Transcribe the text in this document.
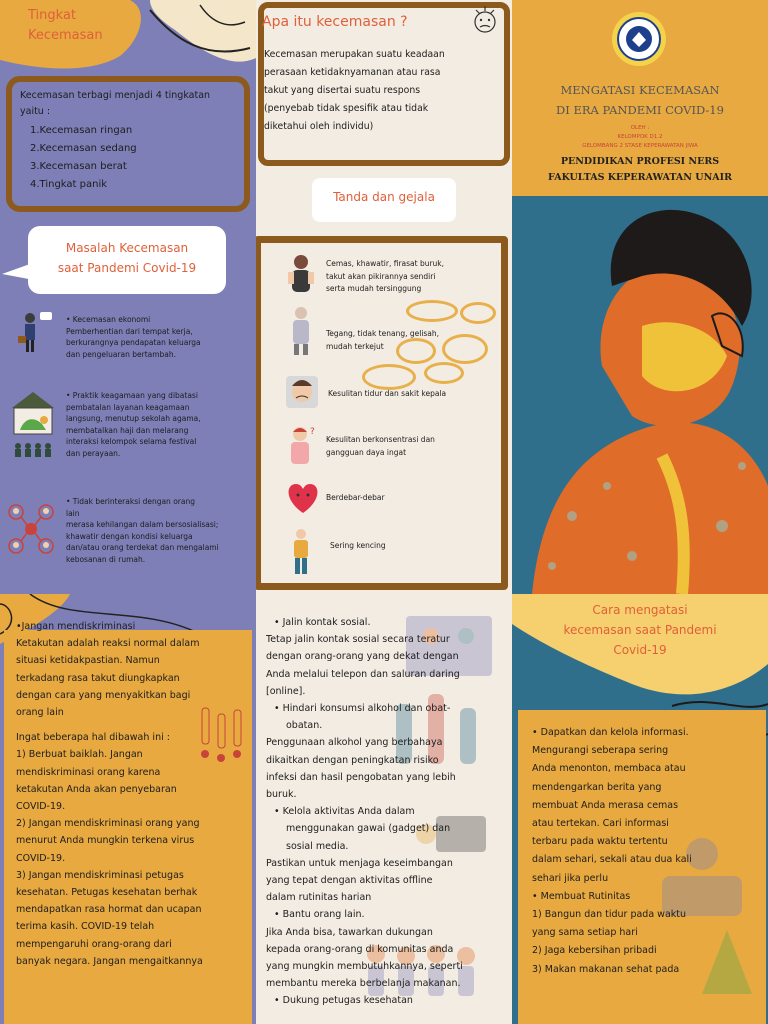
Tingkat
Kecemasan
Kecemasan terbagi menjadi 4 tingkatan
yaitu :
1.Kecemasan ringan
2.Kecemasan sedang
3.Kecemasan berat
4.Tingkat panik
Masalah Kecemasan
saat Pandemi Covid-19
• Kecemasan ekonomi
Pemberhentian dari tempat kerja,
berkurangnya pendapatan keluarga
dan pengeluaran bertambah.
• Praktik keagamaan yang dibatasi
pembatalan layanan keagamaan
langsung, menutup sekolah agama,
membatalkan haji dan melarang
interaksi kelompok selama festival
dan perayaan.
• Tidak berinteraksi dengan orang
lain
merasa kehilangan dalam bersosialisasi;
khawatir dengan kondisi keluarga
dan/atau orang terdekat dan mengalami
kebosanan di rumah.
Apa itu kecemasan ?
Kecemasan merupakan suatu keadaan
perasaan ketidaknyamanan atau rasa
takut yang disertai suatu respons
(penyebab tidak spesifik atau tidak
diketahui oleh individu)
Tanda dan gejala
?
Cemas, khawatir, firasat buruk,
takut akan pikirannya sendiri
serta mudah tersinggung
Tegang, tidak tenang, gelisah,
mudah terkejut
Kesulitan tidur dan sakit kepala
Kesulitan berkonsentrasi dan
gangguan daya ingat
Berdebar-debar
Sering kencing
MENGATASI KECEMASAN
DI ERA PANDEMI COVID-19
OLEH :
KELOMPOK D1.2
GELOMBANG 2 STASE KEPERAWATAN JIWA
PENDIDIKAN PROFESI NERS
FAKULTAS KEPERAWATAN UNAIR
•Jangan mendiskriminasi
Ketakutan adalah reaksi normal dalam
situasi ketidakpastian. Namun
terkadang rasa takut diungkapkan
dengan cara yang menyakitkan bagi
orang lain
Ingat beberapa hal dibawah ini :
1) Berbuat baiklah. Jangan
mendiskriminasi orang karena
ketakutan Anda akan penyebaran
COVID-19.
2) Jangan mendiskriminasi orang yang
menurut Anda mungkin terkena virus
COVID-19.
3) Jangan mendiskriminasi petugas
kesehatan. Petugas kesehatan berhak
mendapatkan rasa hormat dan ucapan
terima kasih. COVID-19 telah
mempengaruhi orang-orang dari
banyak negara. Jangan mengaitkannya
• Jalin kontak sosial.
Tetap jalin kontak sosial secara teratur
dengan orang-orang yang dekat dengan
Anda melalui telepon dan saluran daring
[online].
• Hindari konsumsi alkohol dan obat-
obatan.
Penggunaan alkohol yang berbahaya
dikaitkan dengan peningkatan risiko
infeksi dan hasil pengobatan yang lebih
buruk.
• Kelola aktivitas Anda dalam
menggunakan gawai (gadget) dan
sosial media.
Pastikan untuk menjaga keseimbangan
yang tepat dengan aktivitas offline
dalam rutinitas harian
• Bantu orang lain.
Jika Anda bisa, tawarkan dukungan
kepada orang-orang di komunitas anda
yang mungkin membutuhkannya, seperti
membantu mereka berbelanja makanan.
• Dukung petugas kesehatan
Cara mengatasi
kecemasan saat Pandemi
Covid-19
• Dapatkan dan kelola informasi.
Mengurangi seberapa sering
Anda menonton, membaca atau
mendengarkan berita yang
membuat Anda merasa cemas
atau tertekan. Cari informasi
terbaru pada waktu tertentu
dalam sehari, sekali atau dua kali
sehari jika perlu
• Membuat Rutinitas
1) Bangun dan tidur pada waktu
yang sama setiap hari
2) Jaga kebersihan pribadi
3) Makan makanan sehat pada
